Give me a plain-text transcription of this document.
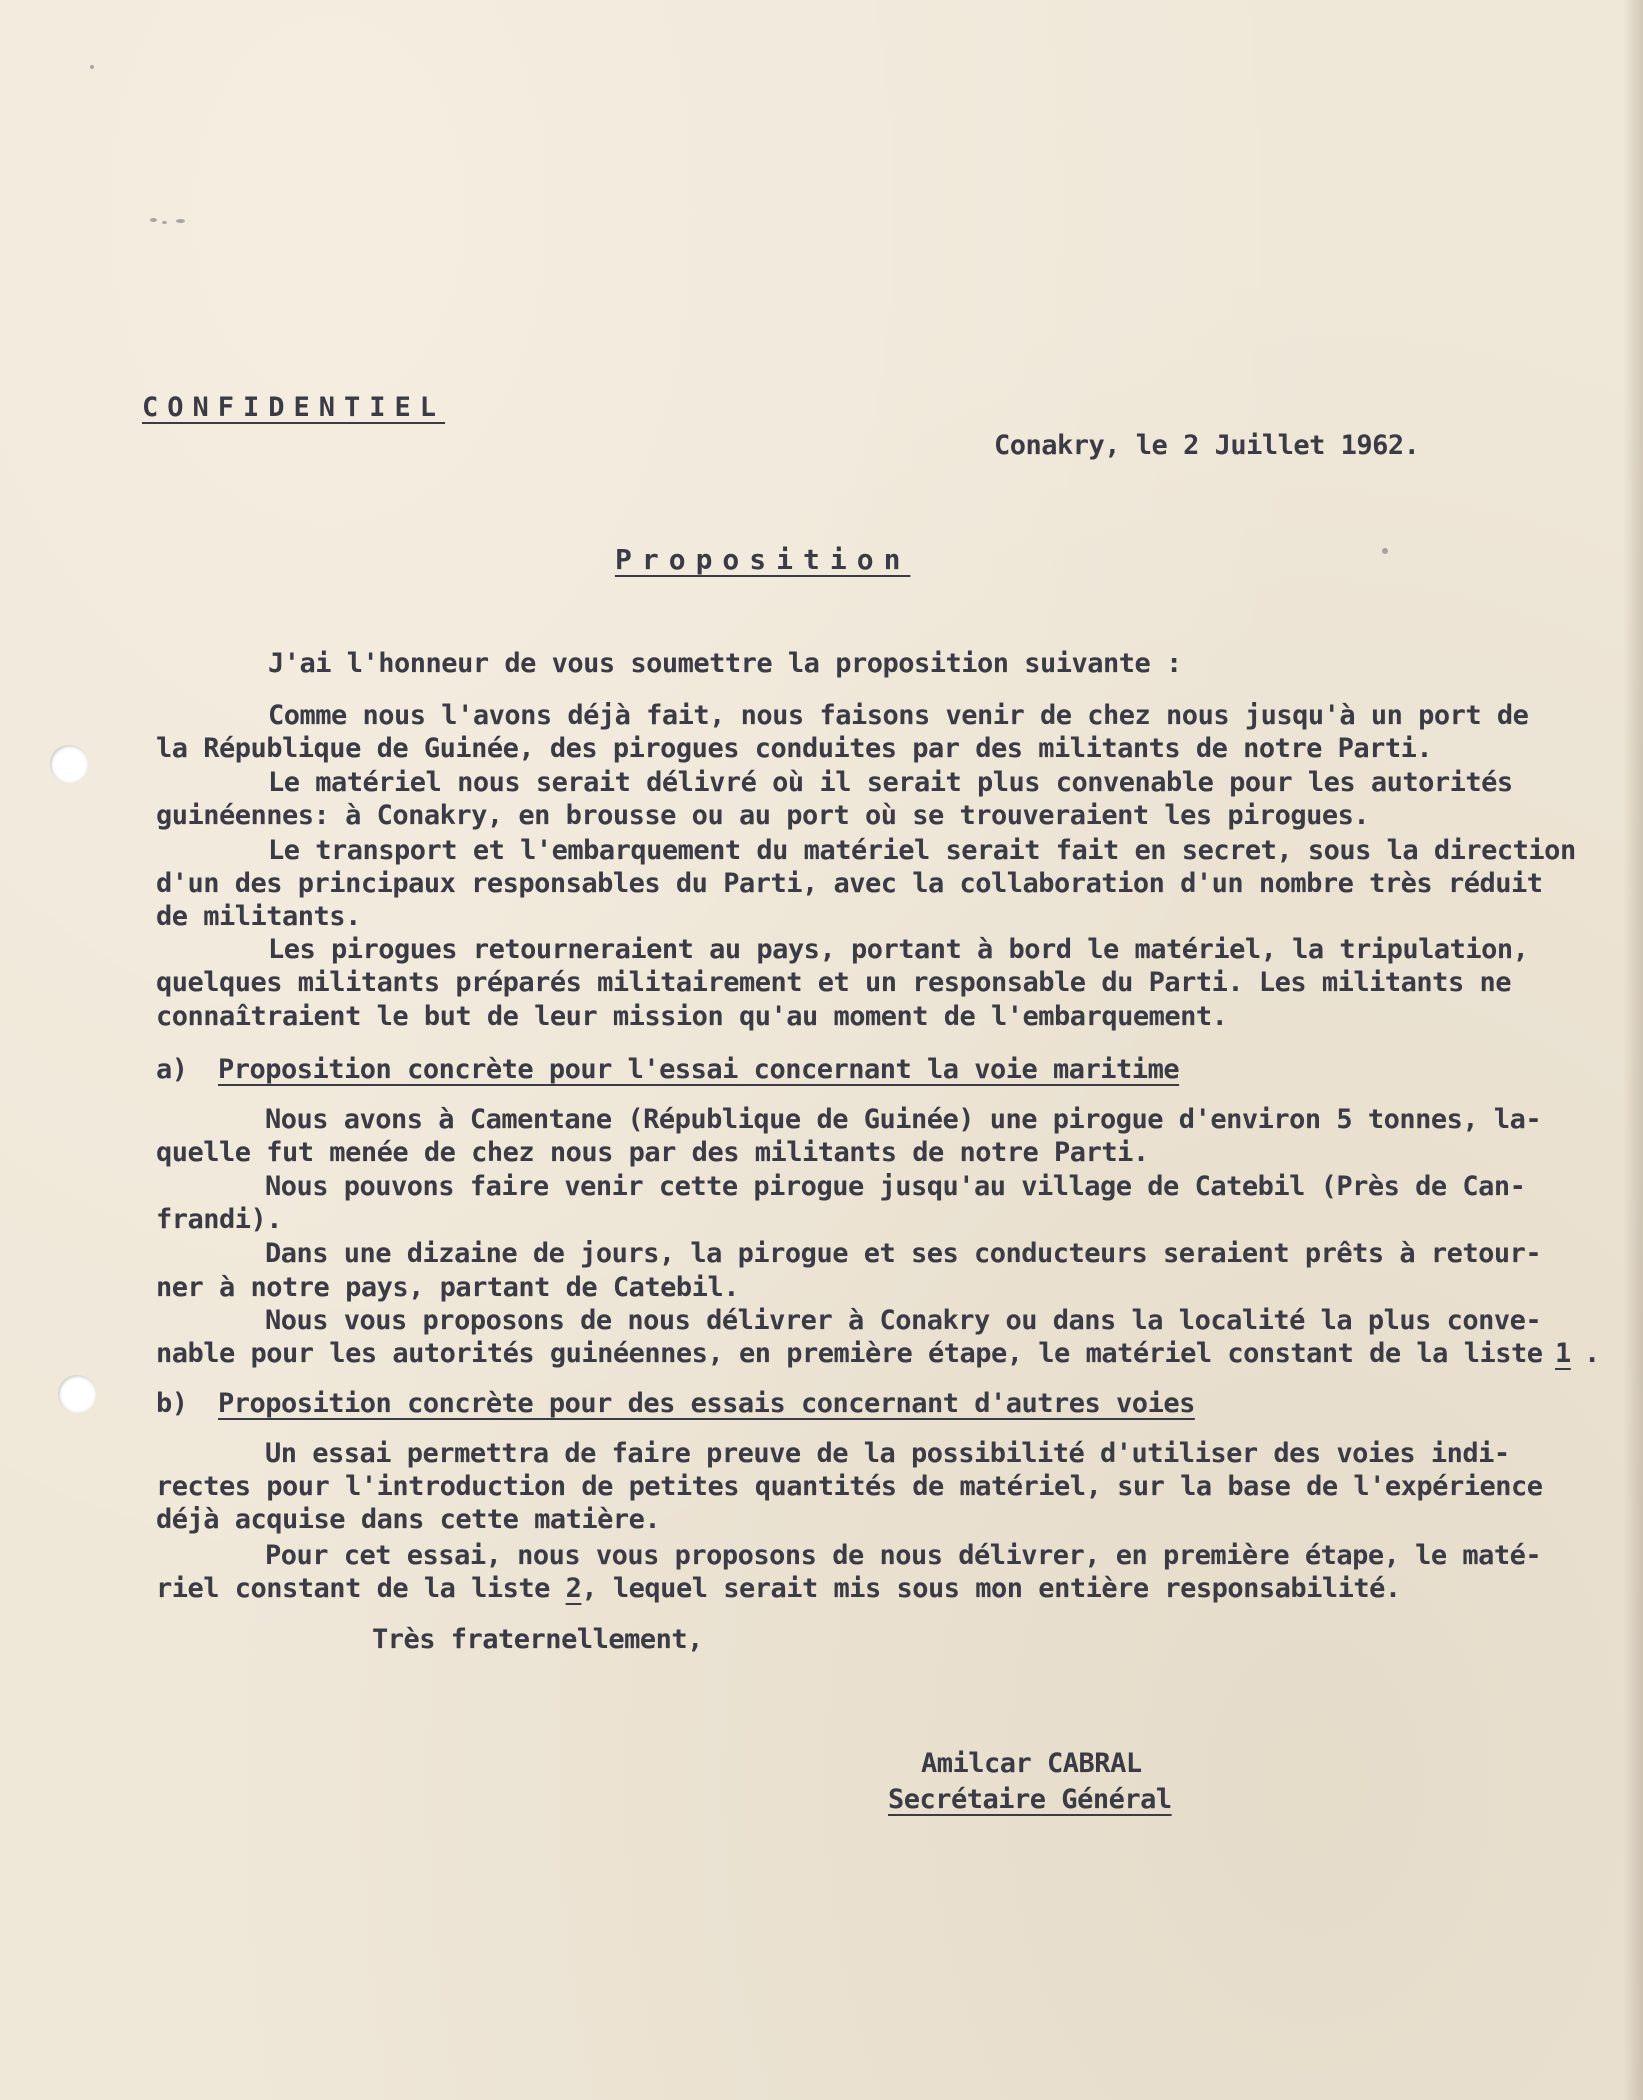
CONFIDENTIEL
Conakry, le 2 Juillet 1962.
Proposition
J'ai l'honneur de vous soumettre la proposition suivante :
Comme nous l'avons déjà fait, nous faisons venir de chez nous jusqu'à un port de
la République de Guinée, des pirogues conduites par des militants de notre Parti.
Le matériel nous serait délivré où il serait plus convenable pour les autorités
guinéennes: à Conakry, en brousse ou au port où se trouveraient les pirogues.
Le transport et l'embarquement du matériel serait fait en secret, sous la direction
d'un des principaux responsables du Parti, avec la collaboration d'un nombre très réduit
de militants.
Les pirogues retourneraient au pays, portant à bord le matériel, la tripulation,
quelques militants préparés militairement et un responsable du Parti. Les militants ne
connaîtraient le but de leur mission qu'au moment de l'embarquement.
a) Proposition concrète pour l'essai concernant la voie maritime
Nous avons à Camentane (République de Guinée) une pirogue d'environ 5 tonnes, la-
quelle fut menée de chez nous par des militants de notre Parti.
Nous pouvons faire venir cette pirogue jusqu'au village de Catebil (Près de Can-
frandi).
Dans une dizaine de jours, la pirogue et ses conducteurs seraient prêts à retour-
ner à notre pays, partant de Catebil.
Nous vous proposons de nous délivrer à Conakry ou dans la localité la plus conve-
nable pour les autorités guinéennes, en première étape, le matériel constant de la liste 1 .
b) Proposition concrète pour des essais concernant d'autres voies
Un essai permettra de faire preuve de la possibilité d'utiliser des voies indi-
rectes pour l'introduction de petites quantités de matériel, sur la base de l'expérience
déjà acquise dans cette matière.
Pour cet essai, nous vous proposons de nous délivrer, en première étape, le maté-
riel constant de la liste 2, lequel serait mis sous mon entière responsabilité.
Très fraternellement,
Amilcar CABRAL
Secrétaire Général
